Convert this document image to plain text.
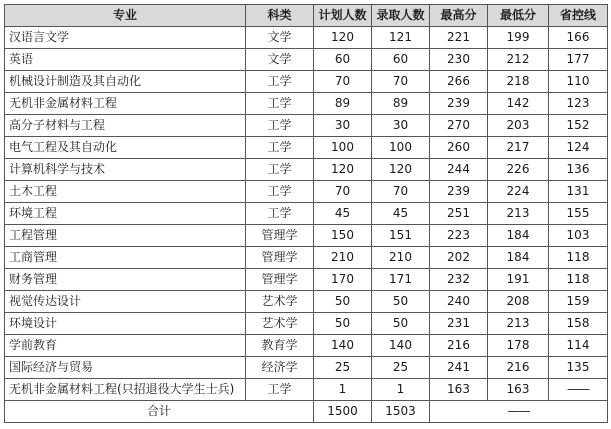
专业	科类	计划人数	录取人数	最高分	最低分	省控线
汉语言文学	文学	120	121	221	199	166
英语	文学	60	60	230	212	177
机械设计制造及其自动化	工学	70	70	266	218	110
无机非金属材料工程	工学	89	89	239	142	123
高分子材料与工程	工学	30	30	270	203	152
电气工程及其自动化	工学	100	100	260	217	124
计算机科学与技术	工学	120	120	244	226	136
土木工程	工学	70	70	239	224	131
环境工程	工学	45	45	251	213	155
工程管理	管理学	150	151	223	184	103
工商管理	管理学	210	210	202	184	118
财务管理	管理学	170	171	232	191	118
视觉传达设计	艺术学	50	50	240	208	159
环境设计	艺术学	50	50	231	213	158
学前教育	教育学	140	140	216	178	114
国际经济与贸易	经济学	25	25	241	216	135
无机非金属材料工程(只招退役大学生士兵)	工学	1	1	163	163	——
合计		1500	1503	——		
